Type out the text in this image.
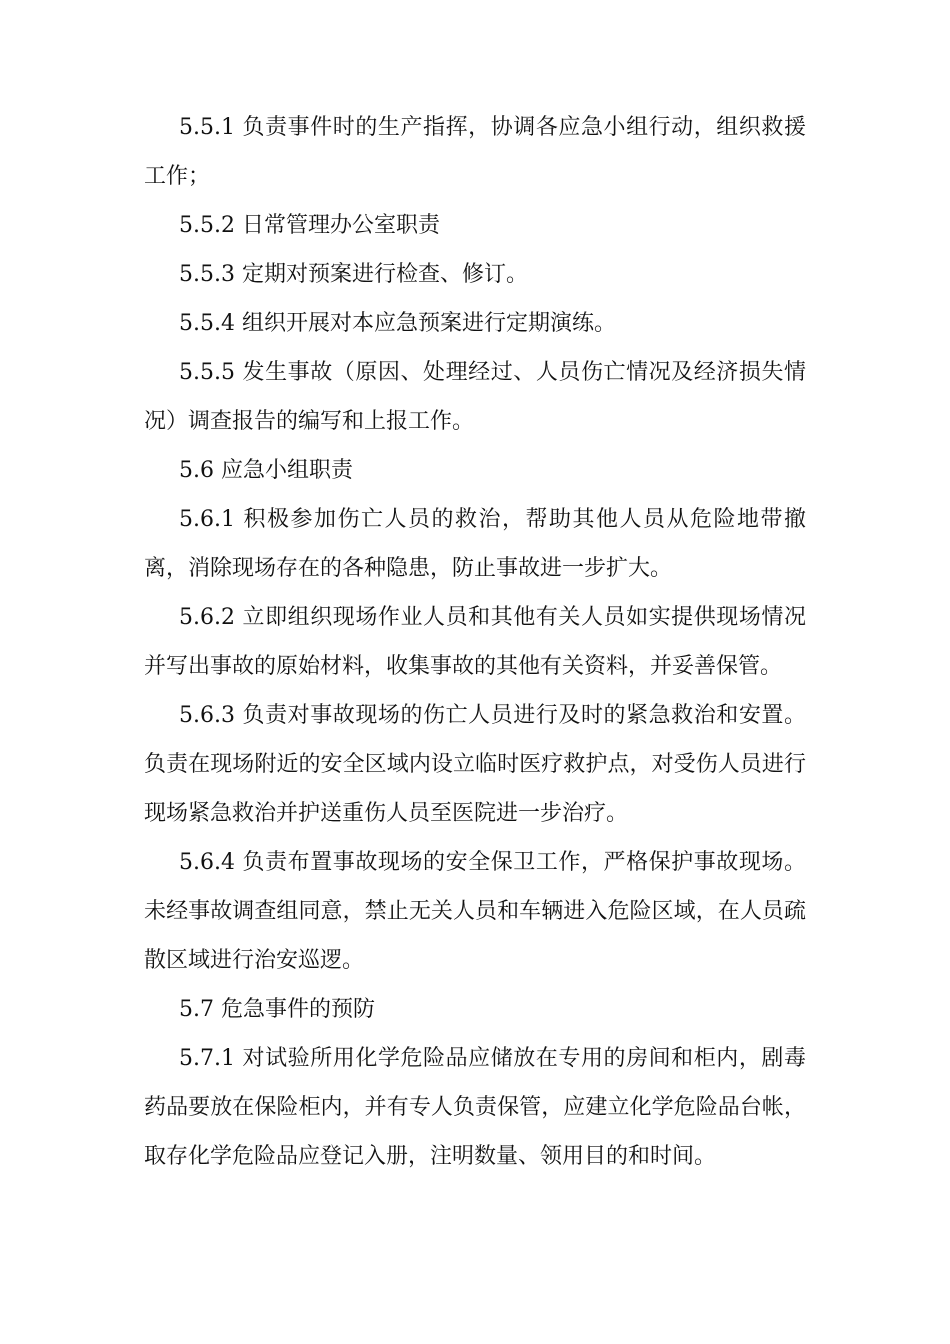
5.5.1 负责事件时的生产指挥，协调各应急小组行动，组织救援工作；

5.5.2 日常管理办公室职责

5.5.3 定期对预案进行检查、修订。

5.5.4 组织开展对本应急预案进行定期演练。

5.5.5 发生事故（原因、处理经过、人员伤亡情况及经济损失情况）调查报告的编写和上报工作。

5.6 应急小组职责

5.6.1 积极参加伤亡人员的救治，帮助其他人员从危险地带撤离，消除现场存在的各种隐患，防止事故进一步扩大。

5.6.2 立即组织现场作业人员和其他有关人员如实提供现场情况并写出事故的原始材料，收集事故的其他有关资料，并妥善保管。

5.6.3 负责对事故现场的伤亡人员进行及时的紧急救治和安置。负责在现场附近的安全区域内设立临时医疗救护点，对受伤人员进行现场紧急救治并护送重伤人员至医院进一步治疗。

5.6.4 负责布置事故现场的安全保卫工作，严格保护事故现场。未经事故调查组同意，禁止无关人员和车辆进入危险区域，在人员疏散区域进行治安巡逻。

5.7 危急事件的预防

5.7.1 对试验所用化学危险品应储放在专用的房间和柜内，剧毒药品要放在保险柜内，并有专人负责保管，应建立化学危险品台帐，取存化学危险品应登记入册，注明数量、领用目的和时间。
